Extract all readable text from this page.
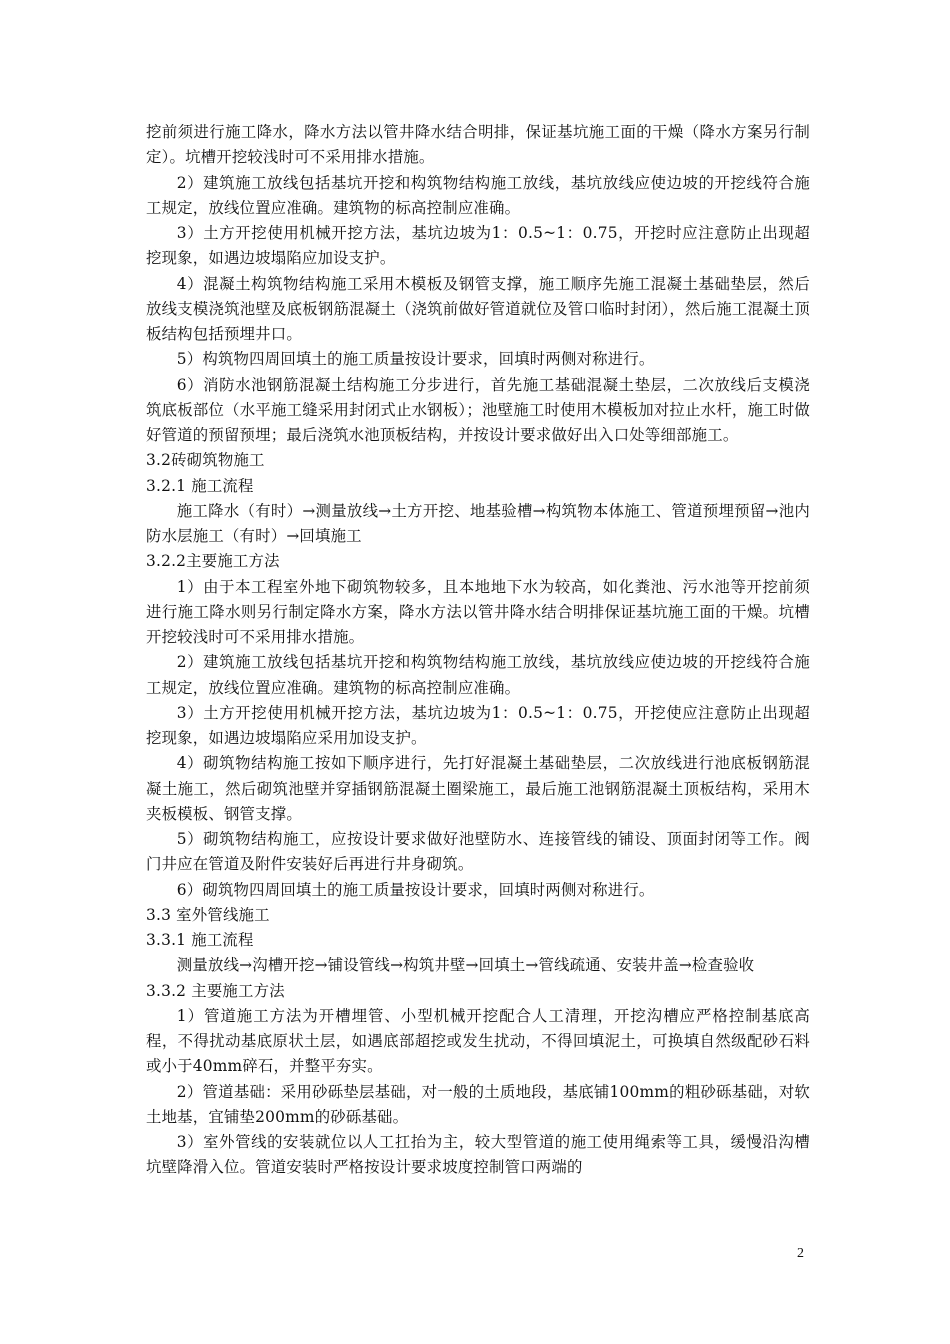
挖前须进行施工降水，降水方法以管井降水结合明排，保证基坑施工面的干燥（降水方案另行制定）。坑槽开挖较浅时可不采用排水措施。

2）建筑施工放线包括基坑开挖和构筑物结构施工放线，基坑放线应使边坡的开挖线符合施工规定，放线位置应准确。建筑物的标高控制应准确。

3）土方开挖使用机械开挖方法，基坑边坡为1：0.5~1：0.75，开挖时应注意防止出现超挖现象，如遇边坡塌陷应加设支护。

4）混凝土构筑物结构施工采用木模板及钢管支撑，施工顺序先施工混凝土基础垫层，然后放线支模浇筑池壁及底板钢筋混凝土（浇筑前做好管道就位及管口临时封闭），然后施工混凝土顶板结构包括预埋井口。

5）构筑物四周回填土的施工质量按设计要求，回填时两侧对称进行。

6）消防水池钢筋混凝土结构施工分步进行，首先施工基础混凝土垫层，二次放线后支模浇筑底板部位（水平施工缝采用封闭式止水钢板）；池壁施工时使用木模板加对拉止水杆，施工时做好管道的预留预埋；最后浇筑水池顶板结构，并按设计要求做好出入口处等细部施工。

3.2砖砌筑物施工

3.2.1 施工流程

施工降水（有时）→测量放线→土方开挖、地基验槽→构筑物本体施工、管道预埋预留→池内防水层施工（有时）→回填施工

3.2.2主要施工方法

1）由于本工程室外地下砌筑物较多，且本地地下水为较高，如化粪池、污水池等开挖前须进行施工降水则另行制定降水方案，降水方法以管井降水结合明排保证基坑施工面的干燥。坑槽开挖较浅时可不采用排水措施。

2）建筑施工放线包括基坑开挖和构筑物结构施工放线，基坑放线应使边坡的开挖线符合施工规定，放线位置应准确。建筑物的标高控制应准确。

3）土方开挖使用机械开挖方法，基坑边坡为1：0.5~1：0.75，开挖使应注意防止出现超挖现象，如遇边坡塌陷应采用加设支护。

4）砌筑物结构施工按如下顺序进行，先打好混凝土基础垫层，二次放线进行池底板钢筋混凝土施工，然后砌筑池壁并穿插钢筋混凝土圈梁施工，最后施工池钢筋混凝土顶板结构，采用木夹板模板、钢管支撑。

5）砌筑物结构施工，应按设计要求做好池壁防水、连接管线的铺设、顶面封闭等工作。阀门井应在管道及附件安装好后再进行井身砌筑。

6）砌筑物四周回填土的施工质量按设计要求，回填时两侧对称进行。

3.3 室外管线施工

3.3.1 施工流程

测量放线→沟槽开挖→铺设管线→构筑井壁→回填土→管线疏通、安装井盖→检查验收

3.3.2 主要施工方法

1）管道施工方法为开槽埋管、小型机械开挖配合人工清理，开挖沟槽应严格控制基底高程，不得扰动基底原状土层，如遇底部超挖或发生扰动，不得回填泥土，可换填自然级配砂石料或小于40mm碎石，并整平夯实。

2）管道基础：采用砂砾垫层基础，对一般的土质地段，基底铺100mm的粗砂砾基础，对软土地基，宜铺垫200mm的砂砾基础。

3）室外管线的安装就位以人工扛抬为主，较大型管道的施工使用绳索等工具，缓慢沿沟槽坑壁降滑入位。管道安装时严格按设计要求坡度控制管口两端的

2
